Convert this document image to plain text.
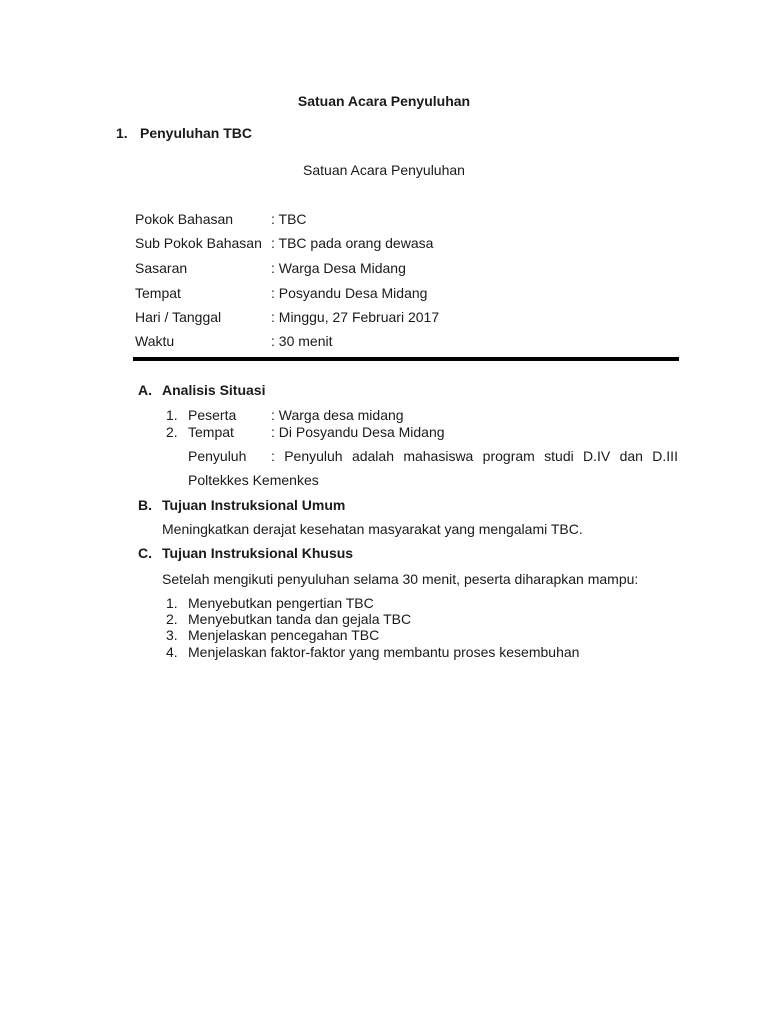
Satuan Acara Penyuluhan
1. Penyuluhan TBC
Satuan Acara Penyuluhan
Pokok Bahasan	: TBC
Sub Pokok Bahasan : TBC pada orang dewasa
Sasaran	: Warga Desa Midang
Tempat	: Posyandu Desa Midang
Hari / Tanggal	: Minggu, 27 Februari 2017
Waktu	: 30 menit
A. Analisis Situasi
1. Peserta : Warga desa midang
2. Tempat	: Di Posyandu Desa Midang
Penyuluh : Penyuluh adalah mahasiswa program studi D.IV dan D.III
Poltekkes Kemenkes
B. Tujuan Instruksional Umum
Meningkatkan derajat kesehatan masyarakat yang mengalami TBC.
C. Tujuan Instruksional Khusus
Setelah mengikuti penyuluhan selama 30 menit, peserta diharapkan mampu:
1. Menyebutkan pengertian TBC
2. Menyebutkan tanda dan gejala TBC
3. Menjelaskan pencegahan TBC
4. Menjelaskan faktor-faktor yang membantu proses kesembuhan
